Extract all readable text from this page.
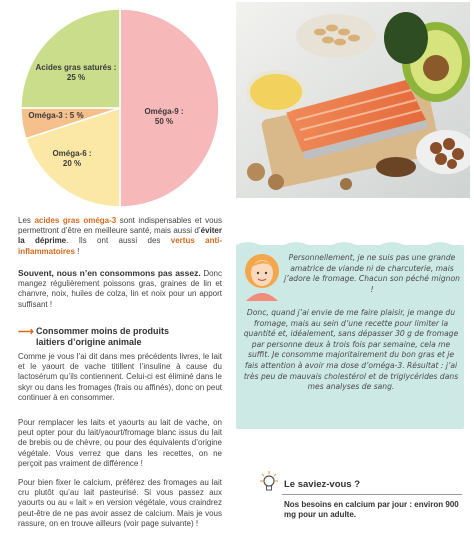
Oméga-9 :
50 %
Oméga-6 :
20 %
Oméga-3 : 5 %
Acides gras saturés :
25 %

Les acides gras oméga-3 sont indispensables et vous permettront d’être en meilleure santé, mais aussi d’éviter la déprime. Ils ont aussi des vertus anti-inflammatoires !

Souvent, nous n’en consommons pas assez. Donc mangez régulièrement poissons gras, graines de lin et chanvre, noix, huiles de colza, lin et noix pour un apport suffisant !

⟶ Consommer moins de produits
laitiers d’origine animale

Comme je vous l’ai dit dans mes précédents livres, le lait et le yaourt de vache titillent l’insuline à cause du lactosérum qu’ils contiennent. Celui-ci est éliminé dans le skyr ou dans les fromages (frais ou affinés), donc on peut continuer à en consommer.

Pour remplacer les laits et yaourts au lait de vache, on peut opter pour du lait/yaourt/fromage blanc issus du lait de brebis ou de chèvre, ou pour des équivalents d’origine végétale. Vous verrez que dans les recettes, on ne perçoit pas vraiment de différence !

Pour bien fixer le calcium, préférez des fromages au lait cru plutôt qu’au lait pasteurisé. Si vous passez aux yaourts ou au « lait » en version végétale, vous craindrez peut-être de ne pas avoir assez de calcium. Mais je vous rassure, on en trouve ailleurs (voir page suivante) !

Personnellement, je ne suis pas une grande amatrice de viande ni de charcuterie, mais j’adore le fromage. Chacun son péché mignon !
Donc, quand j’ai envie de me faire plaisir, je mange du fromage, mais au sein d’une recette pour limiter la quantité et, idéalement, sans dépasser 30 g de fromage par personne deux à trois fois par semaine, cela me suffit. Je consomme majoritairement du bon gras et je fais attention à avoir ma dose d’oméga-3. Résultat : j’ai très peu de mauvais cholestérol et de triglycérides dans mes analyses de sang.
Le saviez-vous ?
Nos besoins en calcium par jour : environ 900 mg pour un adulte.
